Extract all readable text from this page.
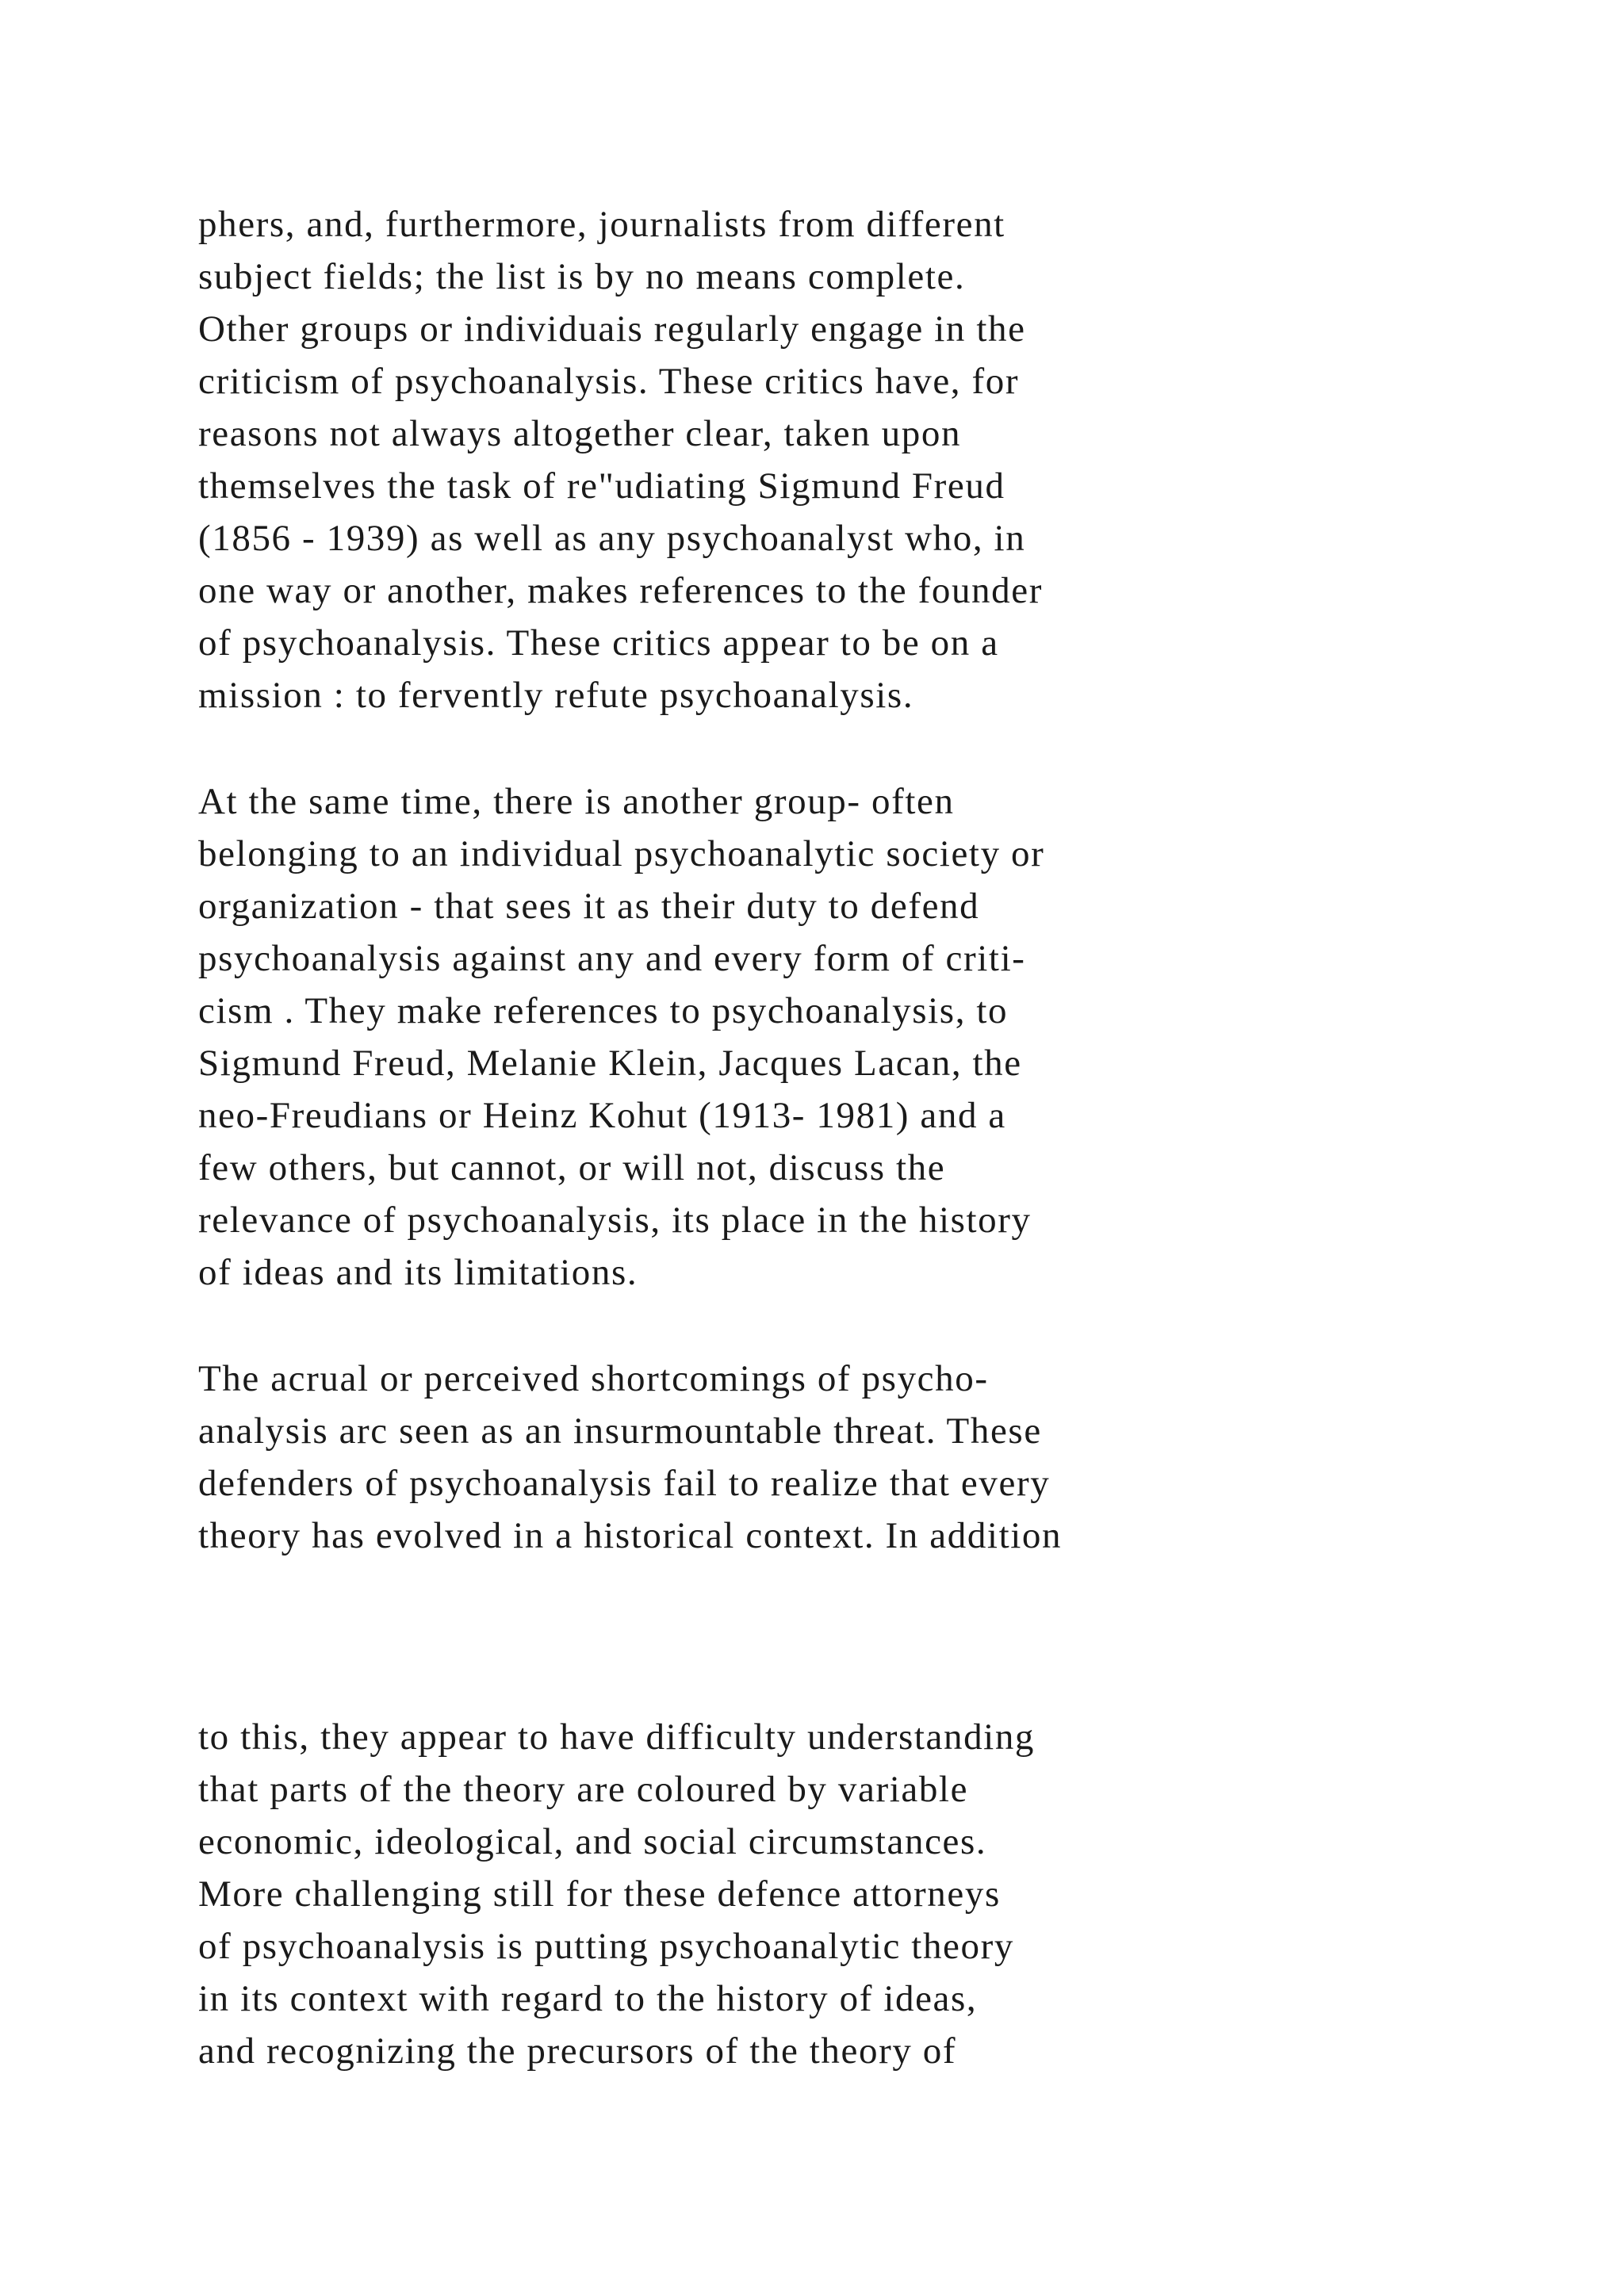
phers, and, furthermore, journalists from different
subject fields; the list is by no means complete.
Other groups or individuais regularly engage in the
criticism of psychoanalysis. These critics have, for
reasons not always altogether clear, taken upon
themselves the task of re"udiating Sigmund Freud
(1856 - 1939) as well as any psychoanalyst who, in
one way or another, makes references to the founder
of psychoanalysis. These critics appear to be on a
mission : to fervently refute psychoanalysis.
At the same time, there is another group- often
belonging to an individual psychoanalytic society or
organization - that sees it as their duty to defend
psychoanalysis against any and every form of criti-
cism . They make references to psychoanalysis, to
Sigmund Freud, Melanie Klein, Jacques Lacan, the
neo-Freudians or Heinz Kohut (1913- 1981) and a
few others, but cannot, or will not, discuss the
relevance of psychoanalysis, its place in the history
of ideas and its limitations.
The acrual or perceived shortcomings of psycho-
analysis arc seen as an insurmountable threat. These
defenders of psychoanalysis fail to realize that every
theory has evolved in a historical context. In addition
to this, they appear to have difficulty understanding
that parts of the theory are coloured by variable
economic, ideological, and social circumstances.
More challenging still for these defence attorneys
of psychoanalysis is putting psychoanalytic theory
in its context with regard to the history of ideas,
and recognizing the precursors of the theory of
